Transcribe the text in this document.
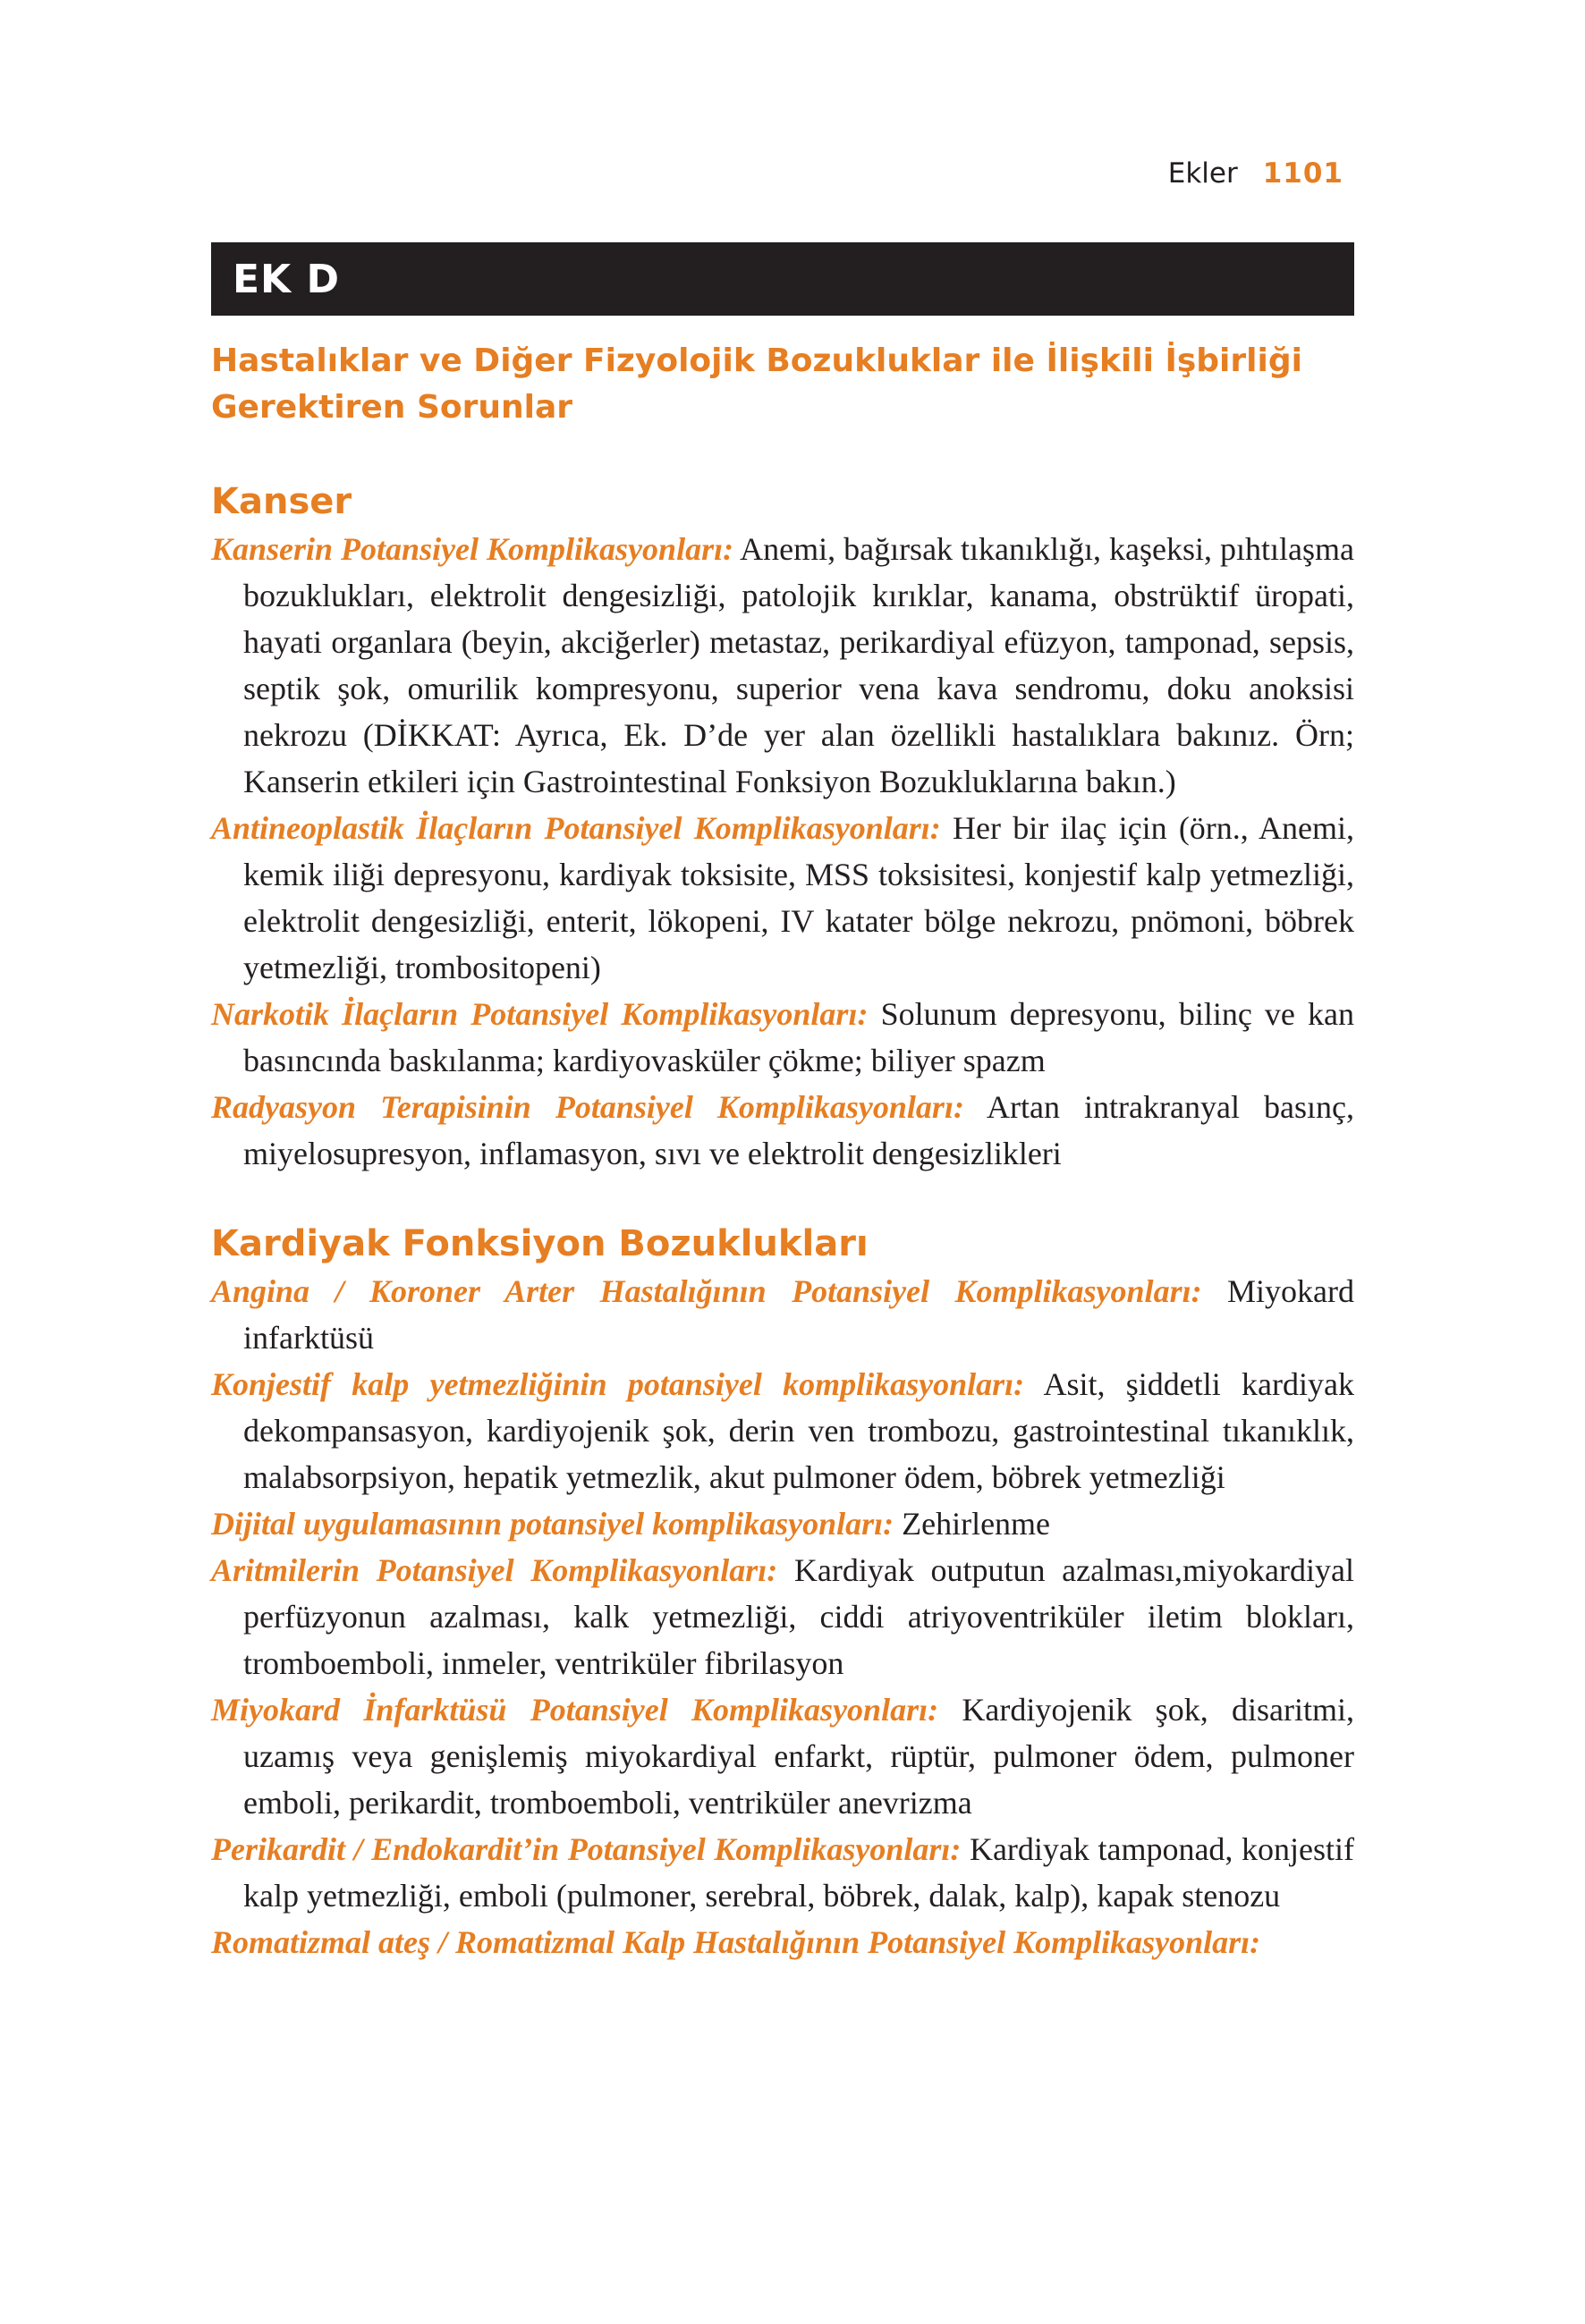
Ekler 1101
EK D
Hastalıklar ve Diğer Fizyolojik Bozukluklar ile İlişkili İşbirliği Gerektiren Sorunlar
Kanser

Kanserin Potansiyel Komplikasyonları: Anemi, bağırsak tıkanıklığı, kaşeksi, pıhtılaşma bozuklukları, elektrolit dengesizliği, patolojik kırıklar, kanama, obstrüktif üropati, hayati organlara (beyin, akciğerler) metastaz, perikardiyal efüzyon, tamponad, sepsis, septik şok, omurilik kompresyonu, superior vena kava sendromu, doku anoksisi nekrozu (DİKKAT: Ayrıca, Ek. D’de yer alan özellikli hastalıklara bakınız. Örn; Kanserin etkileri için Gastrointestinal Fonksiyon Bozukluklarına bakın.)

Antineoplastik İlaçların Potansiyel Komplikasyonları: Her bir ilaç için (örn., Anemi, kemik iliği depresyonu, kardiyak toksisite, MSS toksisitesi, konjestif kalp yetmezliği, elektrolit dengesizliği, enterit, lökopeni, IV katater bölge nekrozu, pnömoni, böbrek yetmezliği, trombositopeni)

Narkotik İlaçların Potansiyel Komplikasyonları: Solunum depresyonu, bilinç ve kan basıncında baskılanma; kardiyovasküler çökme; biliyer spazm

Radyasyon Terapisinin Potansiyel Komplikasyonları: Artan intrakranyal basınç, miyelosupresyon, inflamasyon, sıvı ve elektrolit dengesizlikleri

Kardiyak Fonksiyon Bozuklukları

Angina / Koroner Arter Hastalığının Potansiyel Komplikasyonları: Miyokard infarktüsü

Konjestif kalp yetmezliğinin potansiyel komplikasyonları: Asit, şiddetli kardiyak dekompansasyon, kardiyojenik şok, derin ven trombozu, gastrointestinal tıkanıklık, malabsorpsiyon, hepatik yetmezlik, akut pulmoner ödem, böbrek yetmezliği

Dijital uygulamasının potansiyel komplikasyonları: Zehirlenme

Aritmilerin Potansiyel Komplikasyonları: Kardiyak outputun azalması,miyokardiyal perfüzyonun azalması, kalk yetmezliği, ciddi atriyoventriküler iletim blokları, tromboemboli, inmeler, ventriküler fibrilasyon

Miyokard İnfarktüsü Potansiyel Komplikasyonları: Kardiyojenik şok, disaritmi, uzamış veya genişlemiş miyokardiyal enfarkt, rüptür, pulmoner ödem, pulmoner emboli, perikardit, tromboemboli, ventriküler anevrizma

Perikardit / Endokardit’in Potansiyel Komplikasyonları: Kardiyak tamponad, konjestif kalp yetmezliği, emboli (pulmoner, serebral, böbrek, dalak, kalp), kapak stenozu

Romatizmal ateş / Romatizmal Kalp Hastalığının Potansiyel Komplikasyonları:
